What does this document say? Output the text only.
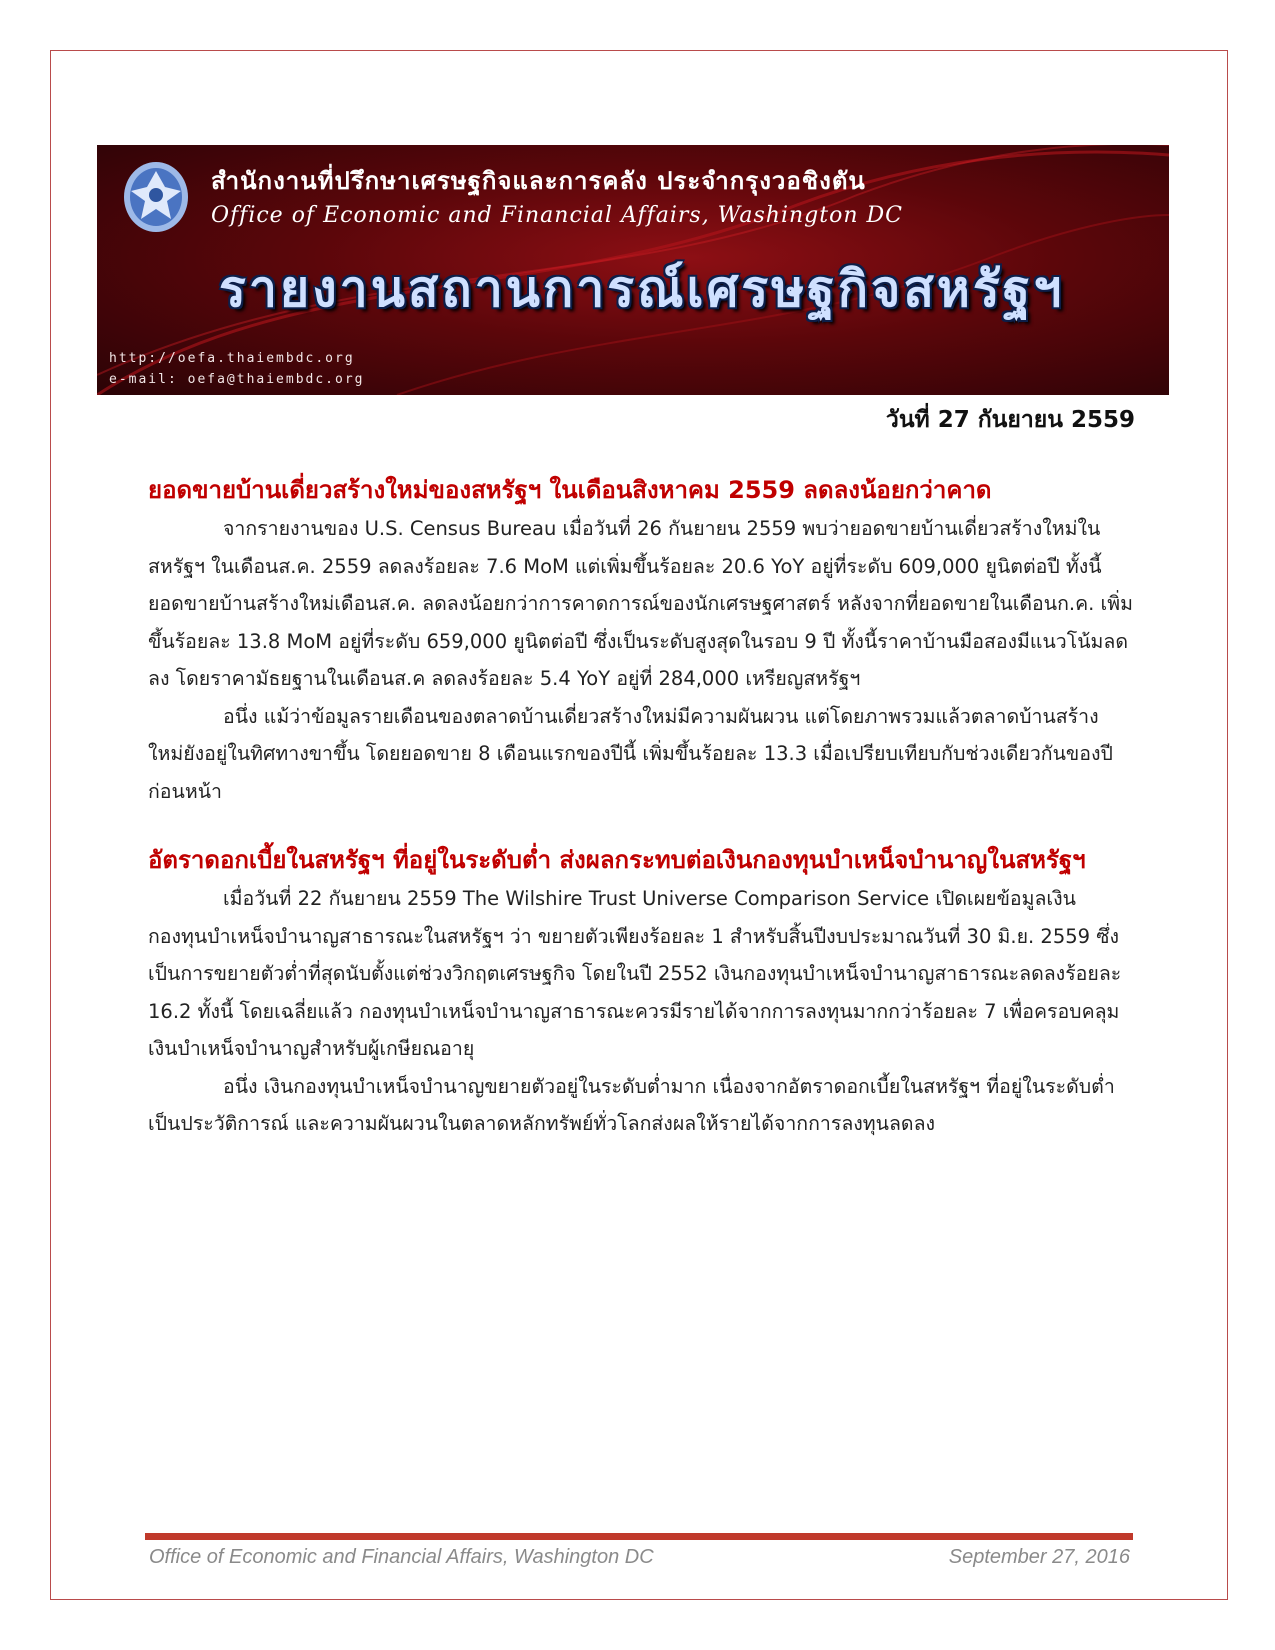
สำนักงานที่ปรึกษาเศรษฐกิจและการคลัง ประจำกรุงวอชิงตัน
Office of Economic and Financial Affairs, Washington DC
รายงานสถานการณ์เศรษฐกิจสหรัฐฯ
http://oefa.thaiembdc.org
e-mail: oefa@thaiembdc.org
วันที่ 27 กันยายน 2559
ยอดขายบ้านเดี่ยวสร้างใหม่ของสหรัฐฯ ในเดือนสิงหาคม 2559 ลดลงน้อยกว่าคาด

จากรายงานของ U.S. Census Bureau เมื่อวันที่ 26 กันยายน 2559 พบว่ายอดขายบ้านเดี่ยวสร้างใหม่ในสหรัฐฯ ในเดือนส.ค. 2559 ลดลงร้อยละ 7.6 MoM แต่เพิ่มขึ้นร้อยละ 20.6 YoY อยู่ที่ระดับ 609,000 ยูนิตต่อปี ทั้งนี้ ยอดขายบ้านสร้างใหม่เดือนส.ค. ลดลงน้อยกว่าการคาดการณ์ของนักเศรษฐศาสตร์ หลังจากที่ยอดขายในเดือนก.ค. เพิ่มขึ้นร้อยละ 13.8 MoM อยู่ที่ระดับ 659,000 ยูนิตต่อปี ซึ่งเป็นระดับสูงสุดในรอบ 9 ปี ทั้งนี้ราคาบ้านมือสองมีแนวโน้มลดลง โดยราคามัธยฐานในเดือนส.ค ลดลงร้อยละ 5.4 YoY อยู่ที่ 284,000 เหรียญสหรัฐฯ

อนึ่ง แม้ว่าข้อมูลรายเดือนของตลาดบ้านเดี่ยวสร้างใหม่มีความผันผวน แต่โดยภาพรวมแล้วตลาดบ้านสร้างใหม่ยังอยู่ในทิศทางขาขึ้น โดยยอดขาย 8 เดือนแรกของปีนี้ เพิ่มขึ้นร้อยละ 13.3 เมื่อเปรียบเทียบกับช่วงเดียวกันของปีก่อนหน้า

อัตราดอกเบี้ยในสหรัฐฯ ที่อยู่ในระดับต่ำ ส่งผลกระทบต่อเงินกองทุนบำเหน็จบำนาญในสหรัฐฯ

เมื่อวันที่ 22 กันยายน 2559 The Wilshire Trust Universe Comparison Service เปิดเผยข้อมูลเงินกองทุนบำเหน็จบำนาญสาธารณะในสหรัฐฯ ว่า ขยายตัวเพียงร้อยละ 1 สำหรับสิ้นปีงบประมาณวันที่ 30 มิ.ย. 2559 ซึ่งเป็นการขยายตัวต่ำที่สุดนับตั้งแต่ช่วงวิกฤตเศรษฐกิจ โดยในปี 2552 เงินกองทุนบำเหน็จบำนาญสาธารณะลดลงร้อยละ 16.2 ทั้งนี้ โดยเฉลี่ยแล้ว กองทุนบำเหน็จบำนาญสาธารณะควรมีรายได้จากการลงทุนมากกว่าร้อยละ 7 เพื่อครอบคลุมเงินบำเหน็จบำนาญสำหรับผู้เกษียณอายุ

อนึ่ง เงินกองทุนบำเหน็จบำนาญขยายตัวอยู่ในระดับต่ำมาก เนื่องจากอัตราดอกเบี้ยในสหรัฐฯ ที่อยู่ในระดับต่ำเป็นประวัติการณ์ และความผันผวนในตลาดหลักทรัพย์ทั่วโลกส่งผลให้รายได้จากการลงทุนลดลง

Office of Economic and Financial Affairs, Washington DC	September 27, 2016
